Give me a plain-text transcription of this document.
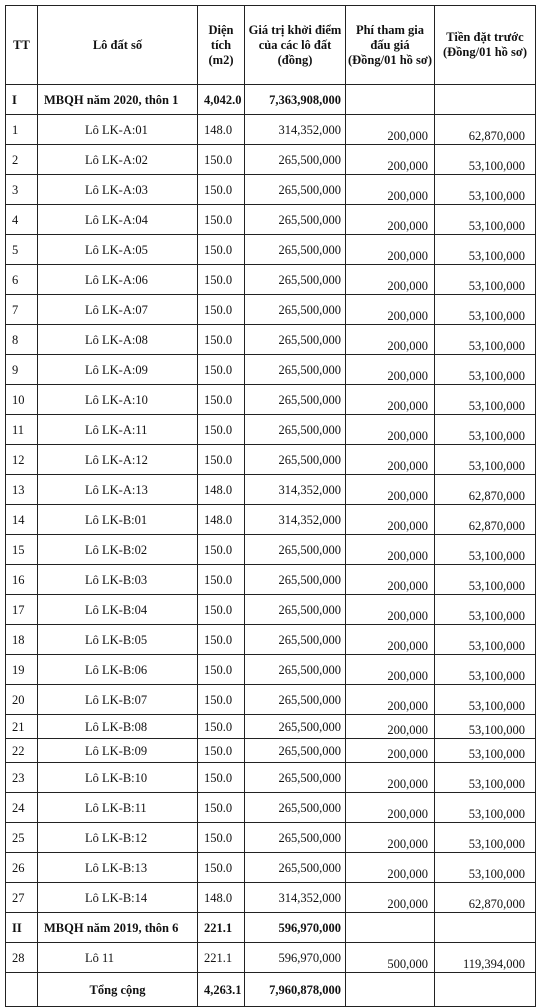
TT	Lô đất số	Diện tích (m2)	Giá trị khởi điểm của các lô đất (đồng)	Phí tham gia đấu giá (Đồng/01 hồ sơ)	Tiền đặt trước (Đồng/01 hồ sơ)
I	MBQH năm 2020, thôn 1	4,042.0	7,363,908,000		
1	Lô LK-A:01	148.0	314,352,000	200,000	62,870,000
2	Lô LK-A:02	150.0	265,500,000	200,000	53,100,000
3	Lô LK-A:03	150.0	265,500,000	200,000	53,100,000
4	Lô LK-A:04	150.0	265,500,000	200,000	53,100,000
5	Lô LK-A:05	150.0	265,500,000	200,000	53,100,000
6	Lô LK-A:06	150.0	265,500,000	200,000	53,100,000
7	Lô LK-A:07	150.0	265,500,000	200,000	53,100,000
8	Lô LK-A:08	150.0	265,500,000	200,000	53,100,000
9	Lô LK-A:09	150.0	265,500,000	200,000	53,100,000
10	Lô LK-A:10	150.0	265,500,000	200,000	53,100,000
11	Lô LK-A:11	150.0	265,500,000	200,000	53,100,000
12	Lô LK-A:12	150.0	265,500,000	200,000	53,100,000
13	Lô LK-A:13	148.0	314,352,000	200,000	62,870,000
14	Lô LK-B:01	148.0	314,352,000	200,000	62,870,000
15	Lô LK-B:02	150.0	265,500,000	200,000	53,100,000
16	Lô LK-B:03	150.0	265,500,000	200,000	53,100,000
17	Lô LK-B:04	150.0	265,500,000	200,000	53,100,000
18	Lô LK-B:05	150.0	265,500,000	200,000	53,100,000
19	Lô LK-B:06	150.0	265,500,000	200,000	53,100,000
20	Lô LK-B:07	150.0	265,500,000	200,000	53,100,000
21	Lô LK-B:08	150.0	265,500,000	200,000	53,100,000
22	Lô LK-B:09	150.0	265,500,000	200,000	53,100,000
23	Lô LK-B:10	150.0	265,500,000	200,000	53,100,000
24	Lô LK-B:11	150.0	265,500,000	200,000	53,100,000
25	Lô LK-B:12	150.0	265,500,000	200,000	53,100,000
26	Lô LK-B:13	150.0	265,500,000	200,000	53,100,000
27	Lô LK-B:14	148.0	314,352,000	200,000	62,870,000
II	MBQH năm 2019, thôn 6	221.1	596,970,000		
28	Lô 11	221.1	596,970,000	500,000	119,394,000
	Tổng cộng	4,263.1	7,960,878,000		
